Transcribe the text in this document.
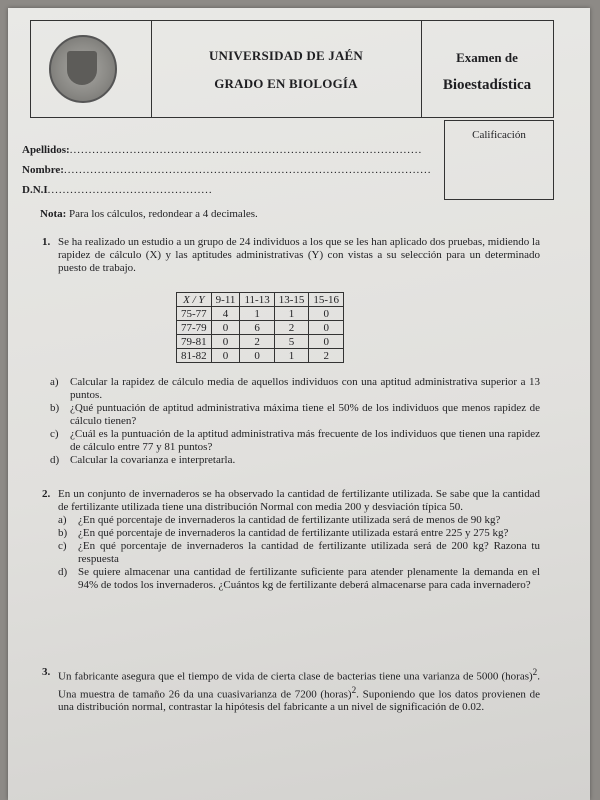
UNIVERSIDAD DE JAÉN
GRADO EN BIOLOGÍA
Examen de
Bioestadística
Calificación
Apellidos:..............................................................................................
Nombre:..................................................................................................
D.N.I............................................
Nota: Para los cálculos, redondear a 4 decimales.
1. Se ha realizado un estudio a un grupo de 24 individuos a los que se les han aplicado dos pruebas, midiendo la rapidez de cálculo (X) y las aptitudes administrativas (Y) con vistas a su selección para un determinado puesto de trabajo.

X / Y	9-11	11-13	13-15	15-16
75-77	4	1	1	0
77-79	0	6	2	0
79-81	0	2	5	0
81-82	0	0	1	2

a) Calcular la rapidez de cálculo media de aquellos individuos con una aptitud administrativa superior a 13 puntos.

b) ¿Qué puntuación de aptitud administrativa máxima tiene el 50% de los individuos que menos rapidez de cálculo tienen?

c) ¿Cuál es la puntuación de la aptitud administrativa más frecuente de los individuos que tienen una rapidez de cálculo entre 77 y 81 puntos?

d) Calcular la covarianza e interpretarla.

2. En un conjunto de invernaderos se ha observado la cantidad de fertilizante utilizada. Se sabe que la cantidad de fertilizante utilizada tiene una distribución Normal con media 200 y desviación típica 50.

a) ¿En qué porcentaje de invernaderos la cantidad de fertilizante utilizada será de menos de 90 kg?

b) ¿En qué porcentaje de invernaderos la cantidad de fertilizante utilizada estará entre 225 y 275 kg?

c) ¿En qué porcentaje de invernaderos la cantidad de fertilizante utilizada será de 200 kg? Razona tu respuesta

d) Se quiere almacenar una cantidad de fertilizante suficiente para atender plenamente la demanda en el 94% de todos los invernaderos. ¿Cuántos kg de fertilizante deberá almacenarse para cada invernadero?

3. Un fabricante asegura que el tiempo de vida de cierta clase de bacterias tiene una varianza de 5000 (horas)$^2$. Una muestra de tamaño 26 da una cuasivarianza de 7200 (horas)$^2$. Suponiendo que los datos provienen de una distribución normal, contrastar la hipótesis del fabricante a un nivel de significación de 0.02.
